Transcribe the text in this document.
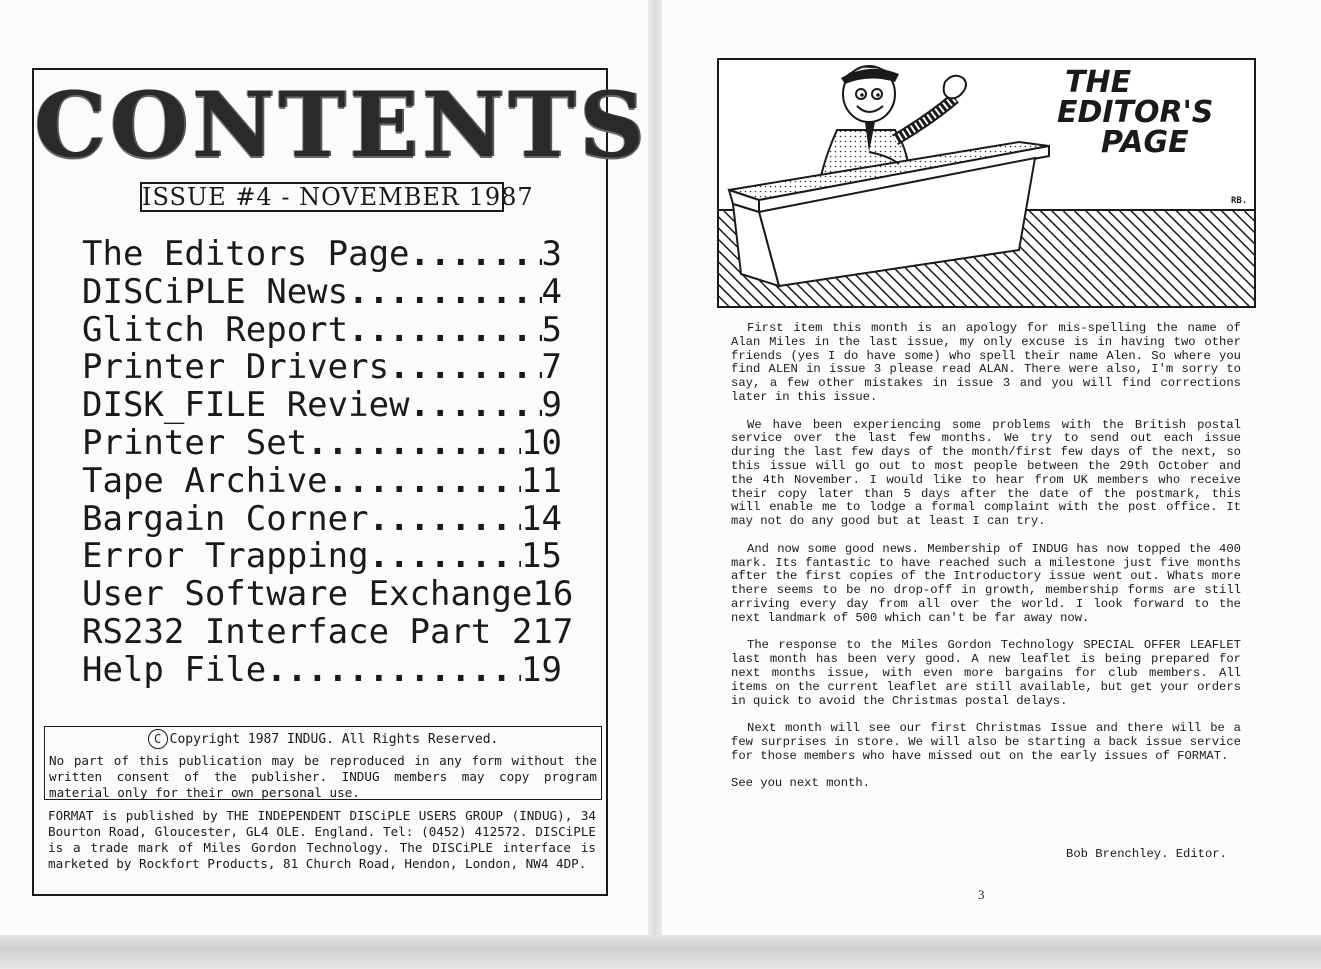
CONTENTS
ISSUE #4 - NOVEMBER 1987
The Editors Page .....	3
DISCiPLE News .....	4
Glitch Report .....	5
Printer Drivers .....	7
DISK_FILE Review .....	9
Printer Set .....	10
Tape Archive .....	11
Bargain Corner .....	14
Error Trapping .....	15
User Software Exchange 16
RS232 Interface Part 2 17
Help File .....	19
C Copyright 1987 INDUG. All Rights Reserved.
No part of this publication may be reproduced in any form without the written consent of the publisher. INDUG members may copy program material only for their own personal use.
FORMAT is published by THE INDEPENDENT DISCiPLE USERS GROUP (INDUG), 34 Bourton Road, Gloucester, GL4 OLE. England. Tel: (0452) 412572. DISCiPLE is a trade mark of Miles Gordon Technology. The DISCiPLE interface is marketed by Rockfort Products, 81 Church Road, Hendon, London, NW4 4DP.
THE
EDITOR'S
PAGE
RB.

First item this month is an apology for mis-spelling the name of Alan Miles in the last issue, my only excuse is in having two other friends (yes I do have some) who spell their name Alen. So where you find ALEN in issue 3 please read ALAN. There were also, I'm sorry to say, a few other mistakes in issue 3 and you will find corrections later in this issue.

We have been experiencing some problems with the British postal service over the last few months. We try to send out each issue during the last few days of the month/first few days of the next, so this issue will go out to most people between the 29th October and the 4th November. I would like to hear from UK members who receive their copy later than 5 days after the date of the postmark, this will enable me to lodge a formal complaint with the post office. It may not do any good but at least I can try.

And now some good news. Membership of INDUG has now topped the 400 mark. Its fantastic to have reached such a milestone just five months after the first copies of the Introductory issue went out. Whats more there seems to be no drop-off in growth, membership forms are still arriving every day from all over the world. I look forward to the next landmark of 500 which can't be far away now.

The response to the Miles Gordon Technology SPECIAL OFFER LEAFLET last month has been very good. A new leaflet is being prepared for next months issue, with even more bargains for club members. All items on the current leaflet are still available, but get your orders in quick to avoid the Christmas postal delays.

Next month will see our first Christmas Issue and there will be a few surprises in store. We will also be starting a back issue service for those members who have missed out on the early issues of FORMAT.

See you next month.

Bob Brenchley. Editor.
3
